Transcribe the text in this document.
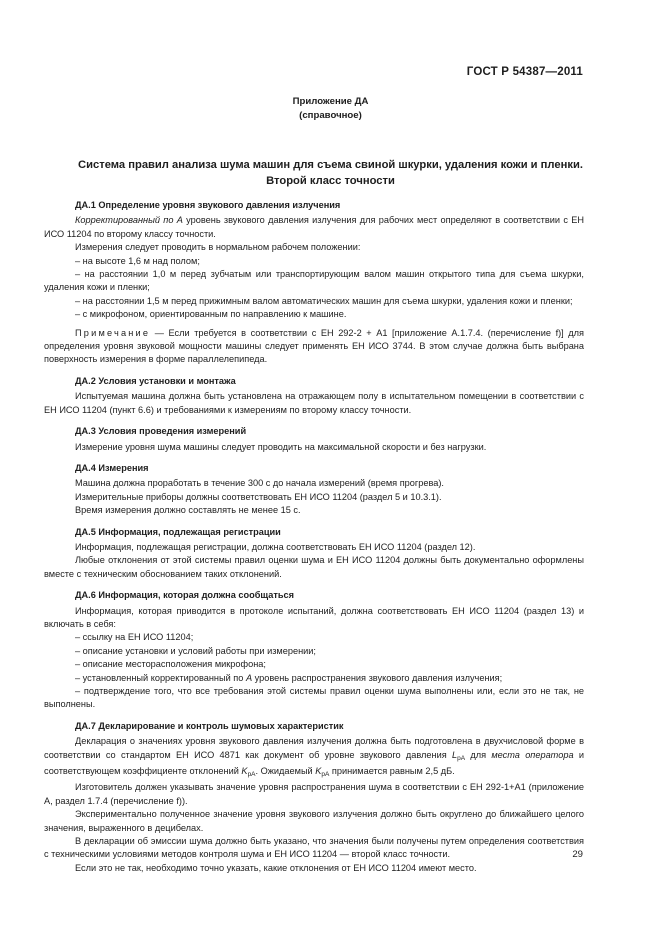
ГОСТ Р 54387—2011
Приложение ДА
(справочное)
Система правил анализа шума машин для съема свиной шкурки, удаления кожи и пленки.
Второй класс точности

ДА.1 Определение уровня звукового давления излучения

Корректированный по А уровень звукового давления излучения для рабочих мест определяют в соответствии с ЕН ИСО 11204 по второму классу точности.

Измерения следует проводить в нормальном рабочем положении:

– на высоте 1,6 м над полом;

– на расстоянии 1,0 м перед зубчатым или транспортирующим валом машин открытого типа для съема шкурки, удаления кожи и пленки;

– на расстоянии 1,5 м перед прижимным валом автоматических машин для съема шкурки, удаления кожи и пленки;

– с микрофоном, ориентированным по направлению к машине.

Примечание — Если требуется в соответствии с ЕН 292-2 + А1 [приложение А.1.7.4. (перечисление f)] для определения уровня звуковой мощности машины следует применять ЕН ИСО 3744. В этом случае должна быть выбрана поверхность измерения в форме параллелепипеда.

ДА.2 Условия установки и монтажа

Испытуемая машина должна быть установлена на отражающем полу в испытательном помещении в соответствии с ЕН ИСО 11204 (пункт 6.6) и требованиями к измерениям по второму классу точности.

ДА.3 Условия проведения измерений

Измерение уровня шума машины следует проводить на максимальной скорости и без нагрузки.

ДА.4 Измерения

Машина должна проработать в течение 300 с до начала измерений (время прогрева).

Измерительные приборы должны соответствовать ЕН ИСО 11204 (раздел 5 и 10.3.1).

Время измерения должно составлять не менее 15 с.

ДА.5 Информация, подлежащая регистрации

Информация, подлежащая регистрации, должна соответствовать ЕН ИСО 11204 (раздел 12).

Любые отклонения от этой системы правил оценки шума и ЕН ИСО 11204 должны быть документально оформлены вместе с техническим обоснованием таких отклонений.

ДА.6 Информация, которая должна сообщаться

Информация, которая приводится в протоколе испытаний, должна соответствовать ЕН ИСО 11204 (раздел 13) и включать в себя:

– ссылку на ЕН ИСО 11204;

– описание установки и условий работы при измерении;

– описание месторасположения микрофона;

– установленный корректированный по А уровень распространения звукового давления излучения;

– подтверждение того, что все требования этой системы правил оценки шума выполнены или, если это не так, не выполнены.

ДА.7 Декларирование и контроль шумовых характеристик

Декларация о значениях уровня звукового давления излучения должна быть подготовлена в двухчисловой форме в соответствии со стандартом ЕН ИСО 4871 как документ об уровне звукового давления $L_{pA}$ для места оператора и соответствующем коэффициенте отклонений $K_{pA}$. Ожидаемый $K_{pA}$ принимается равным 2,5 дБ.

Изготовитель должен указывать значение уровня распространения шума в соответствии с ЕН 292-1+А1 (приложение А, раздел 1.7.4 (перечисление f)).

Экспериментально полученное значение уровня звукового излучения должно быть округлено до ближайшего целого значения, выраженного в децибелах.

В декларации об эмиссии шума должно быть указано, что значения были получены путем определения соответствия с техническими условиями методов контроля шума и ЕН ИСО 11204 — второй класс точности.

Если это не так, необходимо точно указать, какие отклонения от ЕН ИСО 11204 имеют место.

29
